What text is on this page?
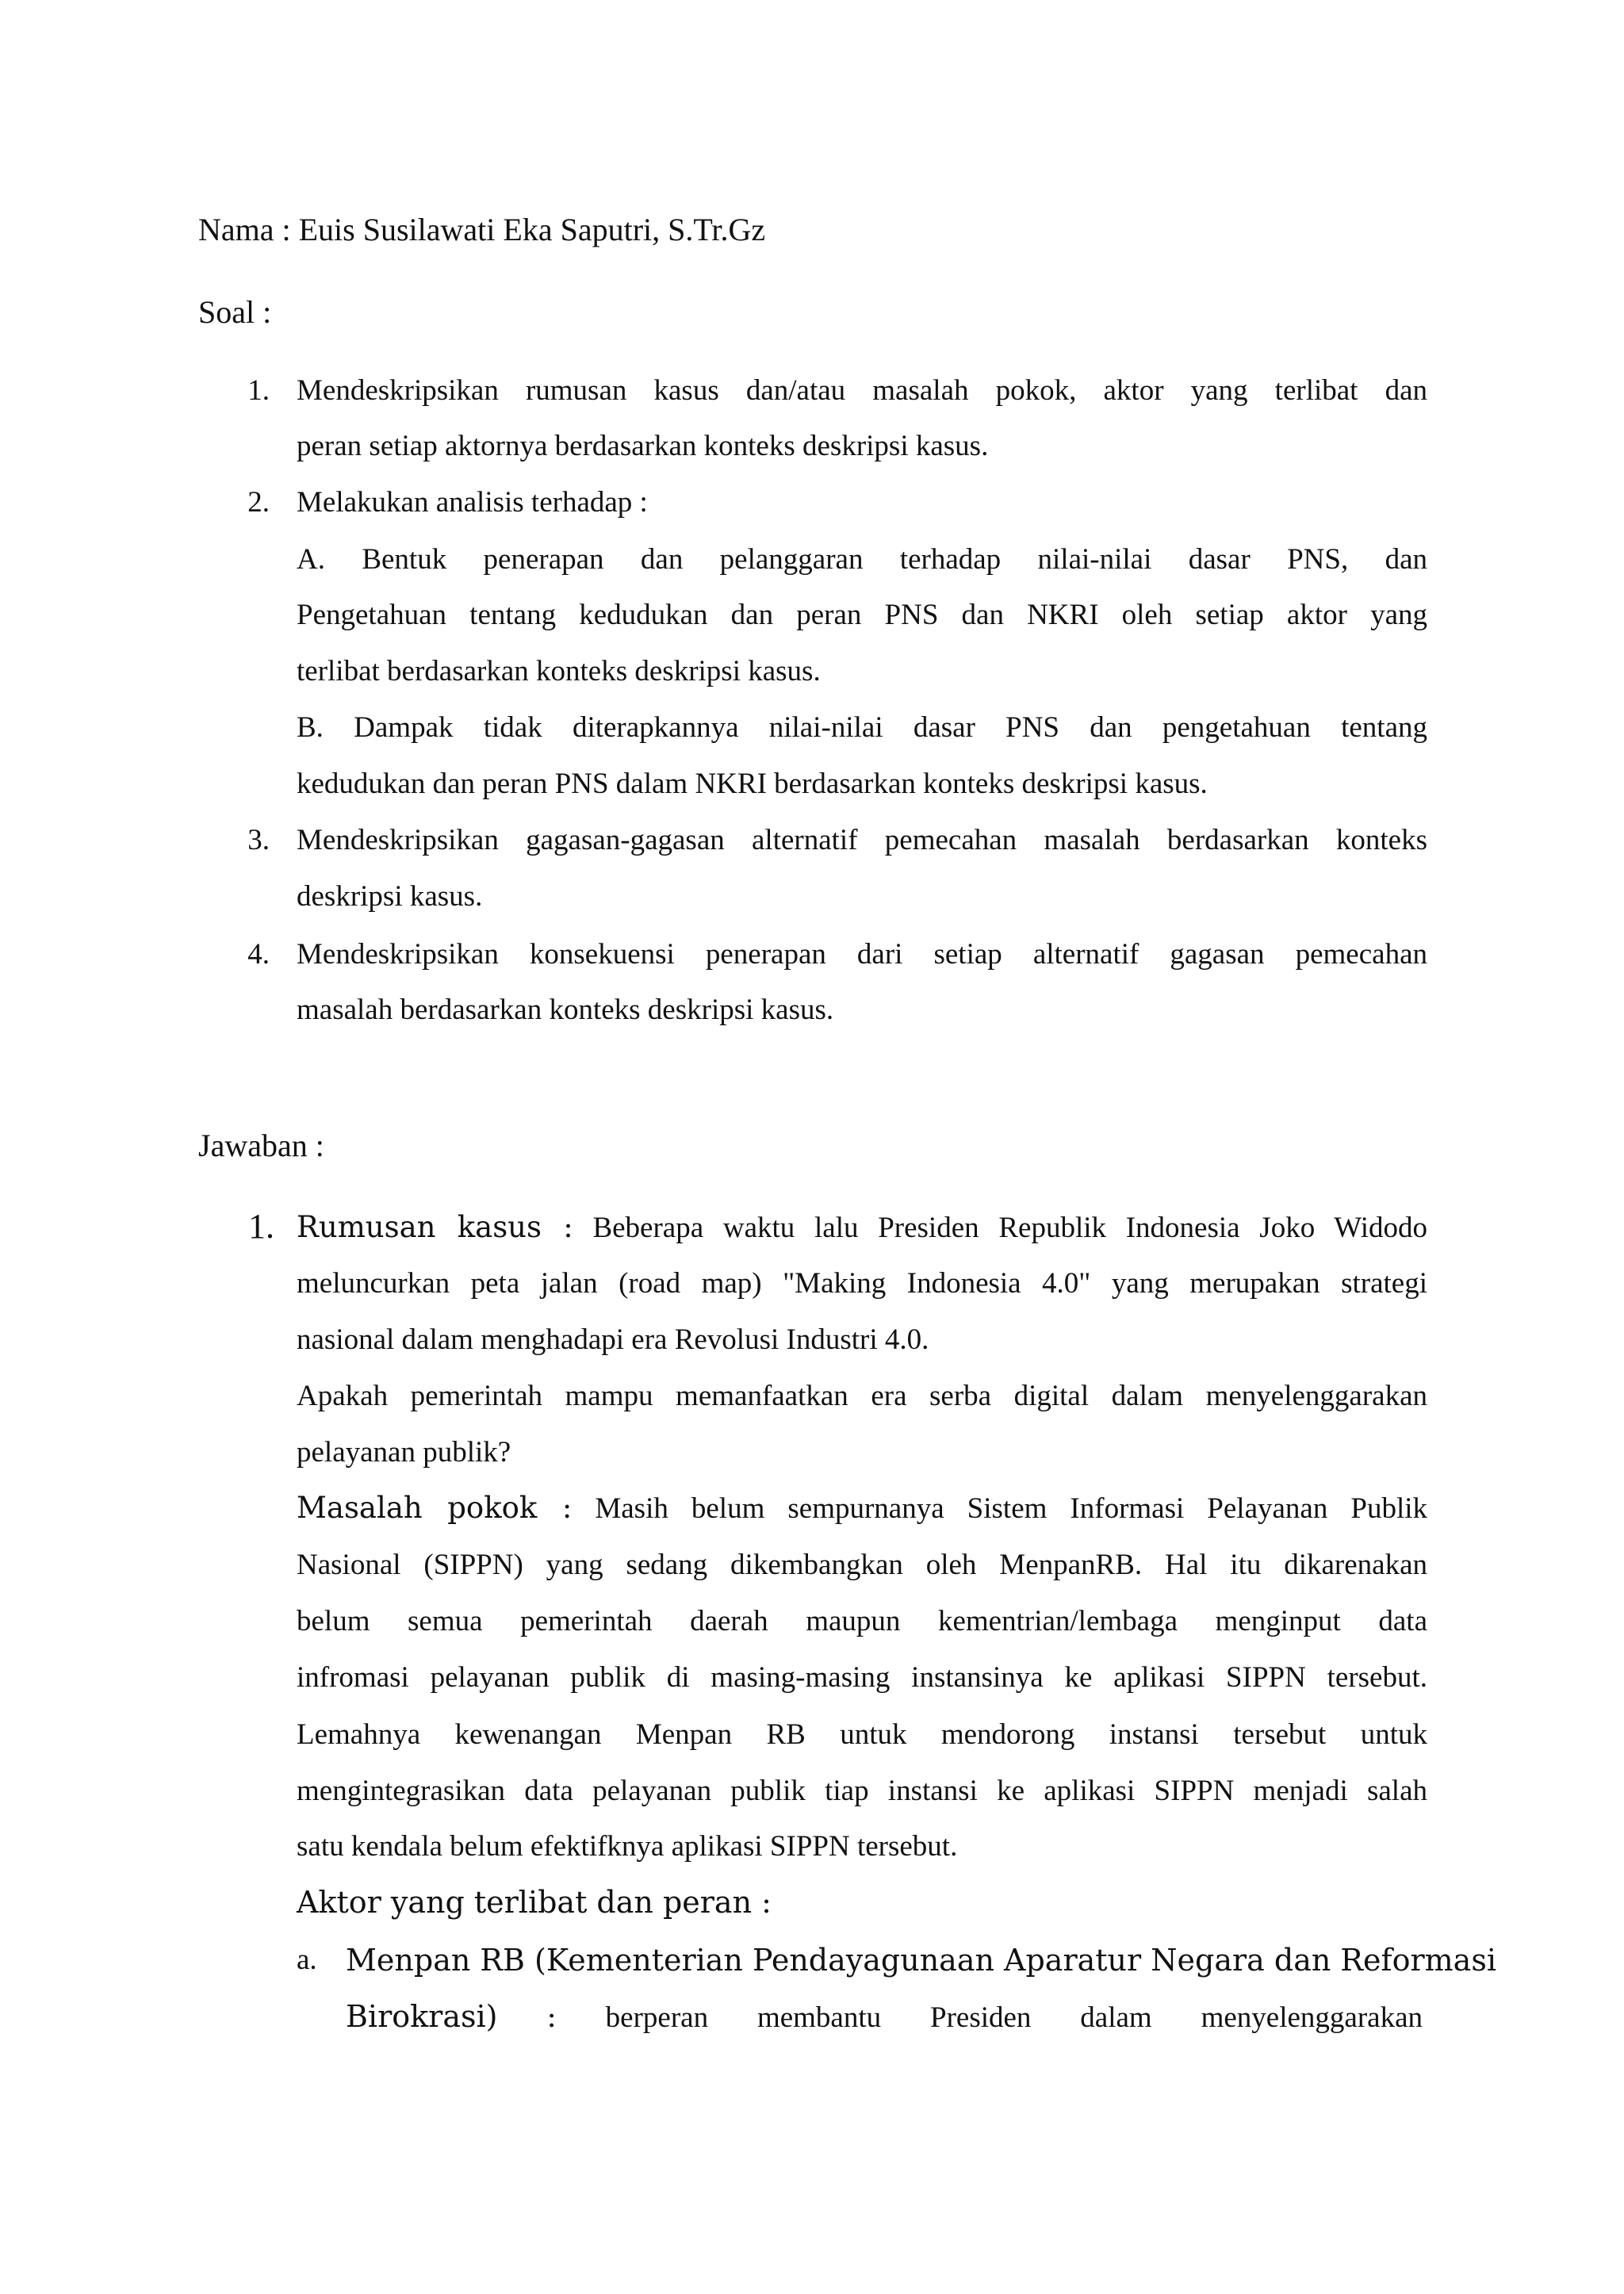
Nama : Euis Susilawati Eka Saputri, S.Tr.Gz
Soal :
1. Mendeskripsikan rumusan kasus dan/atau masalah pokok, aktor yang terlibat dan
peran setiap aktornya berdasarkan konteks deskripsi kasus.
2. Melakukan analisis terhadap :
A. Bentuk penerapan dan pelanggaran terhadap nilai-nilai dasar PNS, dan
Pengetahuan tentang kedudukan dan peran PNS dan NKRI oleh setiap aktor yang
terlibat berdasarkan konteks deskripsi kasus.
B. Dampak tidak diterapkannya nilai-nilai dasar PNS dan pengetahuan tentang
kedudukan dan peran PNS dalam NKRI berdasarkan konteks deskripsi kasus.
3. Mendeskripsikan gagasan-gagasan alternatif pemecahan masalah berdasarkan konteks
deskripsi kasus.
4. Mendeskripsikan konsekuensi penerapan dari setiap alternatif gagasan pemecahan
masalah berdasarkan konteks deskripsi kasus.
Jawaban :
1. Rumusan kasus : Beberapa waktu lalu Presiden Republik Indonesia Joko Widodo
meluncurkan peta jalan (road map) "Making Indonesia 4.0" yang merupakan strategi
nasional dalam menghadapi era Revolusi Industri 4.0.
Apakah pemerintah mampu memanfaatkan era serba digital dalam menyelenggarakan
pelayanan publik?
Masalah pokok : Masih belum sempurnanya Sistem Informasi Pelayanan Publik
Nasional (SIPPN) yang sedang dikembangkan oleh MenpanRB. Hal itu dikarenakan
belum semua pemerintah daerah maupun kementrian/lembaga menginput data
infromasi pelayanan publik di masing-masing instansinya ke aplikasi SIPPN tersebut.
Lemahnya kewenangan Menpan RB untuk mendorong instansi tersebut untuk
mengintegrasikan data pelayanan publik tiap instansi ke aplikasi SIPPN menjadi salah
satu kendala belum efektifknya aplikasi SIPPN tersebut.
Aktor yang terlibat dan peran :
a. Menpan RB (Kementerian Pendayagunaan Aparatur Negara dan Reformasi
Birokrasi) : berperan membantu Presiden dalam menyelenggarakan
